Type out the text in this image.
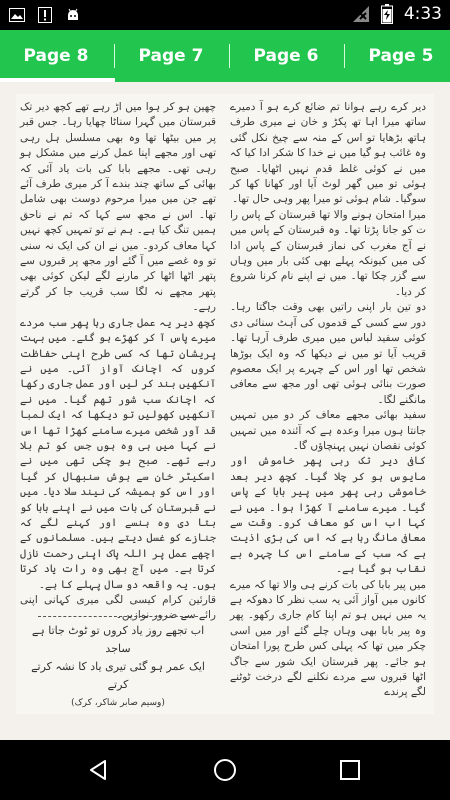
4:33
Page 8	Page 7	Page 6	Page 5
دیر کرے رہے ہوانا تم ضائع کرے ہو آ دمیرے ساتھ میرا اہا تھ پکڑ و خان نے میری طرف ہاتھ بڑھایا تو اس کے منہ سے چیخ نکل گئی وہ غائب ہو گیا میں نے خدا کا شکر ادا کیا کہ میں نے کوئی غلط قدم نہیں اٹھایا۔ صبح ہوئی تو میں گھر لوٹ آیا اور کھانا کھا کر سوگیا۔ شام ہوئی تو میرا پھر وہی حال تھا۔
میرا امتحان ہونے والا تھا قبرستان کے پاس را ت کو جانا پڑتا تھا۔ وہ قبرستان کے پاس میں نے آج مغرب کی نماز قبرستان کے پاس ادا کی میں کیونکہ پہلے بھی کئی بار میں وہاں سے گزر چکا تھا۔ میں نے اپنے نام کرنا شروع کر دیا۔
دو تین بار اپنی راتیں بھی وقت جاگتا رہا۔ دور سے کسی کے قدموں کی آہٹ سنائی دی کوئی سفید لباس میں میری طرف آرہا تھا۔ قریب آیا تو میں نے دیکھا کہ وہ ایک بوڑھا شخص تھا اور اس کے چہرے پر ایک معصوم صورت بنائی ہوئی تھی اور مجھ سے معافی مانگنے لگا۔
سفید بھائی مجھے معاف کر دو میں تمہیں جانتا ہوں میرا وعدہ ہے کہ آئندہ میں تمہیں کوئی نقصان نہیں پہنچاؤں گا۔
کافی دیر تک رہی پھر خاموش اور مایوس ہو کر چلا گیا۔ کچھ دیر بعد خاموشی رہی پھر میں پیر بابا کے پاس گیا۔ میرے سامنے آ کھڑا ہوا۔ میں نے کہا اب اس کو معاف کرو۔ وقت سے معافی مانگ رہا ہے کہ اس کی بڑی اذیت ہے کہ سب کے سامنے اس کا چہرہ بے نقاب ہو گیا ہے۔
میں پیر بابا کی بات کرنے ہی والا تھا کہ میرے کانوں میں آواز آئی یہ سب نظر کا دھوکہ ہے یہ میں نہیں ہو تم اپنا کام جاری رکھو۔ پھر وہ پیر بابا بھی وہاں چلے گئے اور میں اسی چکر میں تھا کہ پہلی کس طرح پورا امتحان ہو جائے۔ پھر قبرستان ایک شور سے جاگ اٹھا قبروں سے مردے نکلنے لگے درخت ٹوٹنے لگے پرندے
چھین ہو کر ہوا میں اڑ رہے تھے کچھ دیر تک قبرستان میں گہرا سناٹا چھایا رہا۔ جس قبر پر میں بیٹھا تھا وہ بھی مسلسل ہل رہی تھی اور مجھے اپنا عمل کرنے میں مشکل ہو رہی تھی۔ مجھے بابا کی بات یاد آئی کہ بھائی کے ساتھ چند بندے آ کر میری طرف آئے تھے جن میں میرا مرحوم دوست بھی شامل تھا۔ اس نے مجھ سے کہا کہ تم نے ناحق ہمیں تنگ کیا ہے۔ ہم نے تو تمہیں کچھ نہیں کہا معاف کردو۔ میں نے ان کی ایک نہ سنی تو وہ غصے میں آ گئے اور مجھ پر قبروں سے پتھر اٹھا اٹھا کر مارنے لگے لیکن کوئی بھی پتھر مجھے نہ لگا سب قریب جا کر گرتے رہے۔
کچھ دیر یہ عمل جاری رہا پھر سب مردے میرے پاس آ کر کھڑے ہو گئے۔ میں بہت پریشان تھا کہ کسی طرح اپنی حفاظت کروں کہ اچانک آواز آئی۔ میں نے آنکھیں بند کر لیں اور عمل جاری رکھا کہ اچانک سب شور تھم گیا۔ میں نے آنکھیں کھولیں تو دیکھا کہ ایک لمبا قد آور شخص میرے سامنے کھڑا تھا اس نے کہا میں ہی وہ ہوں جس کو تم بلا رہے تھے۔ صبح ہو چکی تھی میں نے اسکیٹر خان سے ہوش سنبھال کر گیا اور اس کو ہمیشہ کی نیند سلا دیا۔ میں نے قبرستان کی بات میں نے اپنے بابا کو بتا دی وہ ہنسے اور کہنے لگے کہ جنازے کو غسل دیتے ہیں۔ مسلمانوں کے اچھے عمل پر اللہ پاک اپنی رحمت نازل کرتا ہے۔ میں آج بھی وہ رات یاد کرتا ہوں۔ یہ واقعہ دو سال پہلے کا ہے۔
قارئین کرام کیسی لگی میری کہانی اپنی رائے سے ضرور نوازیں۔
اب تجھے روز یاد کروں تو ٹوٹ جاتا ہے ساجد
ایک عمر ہو گئی تیری یاد کا نشہ کرتے کرتے

(وسیم صابر شاکر، کرک)
